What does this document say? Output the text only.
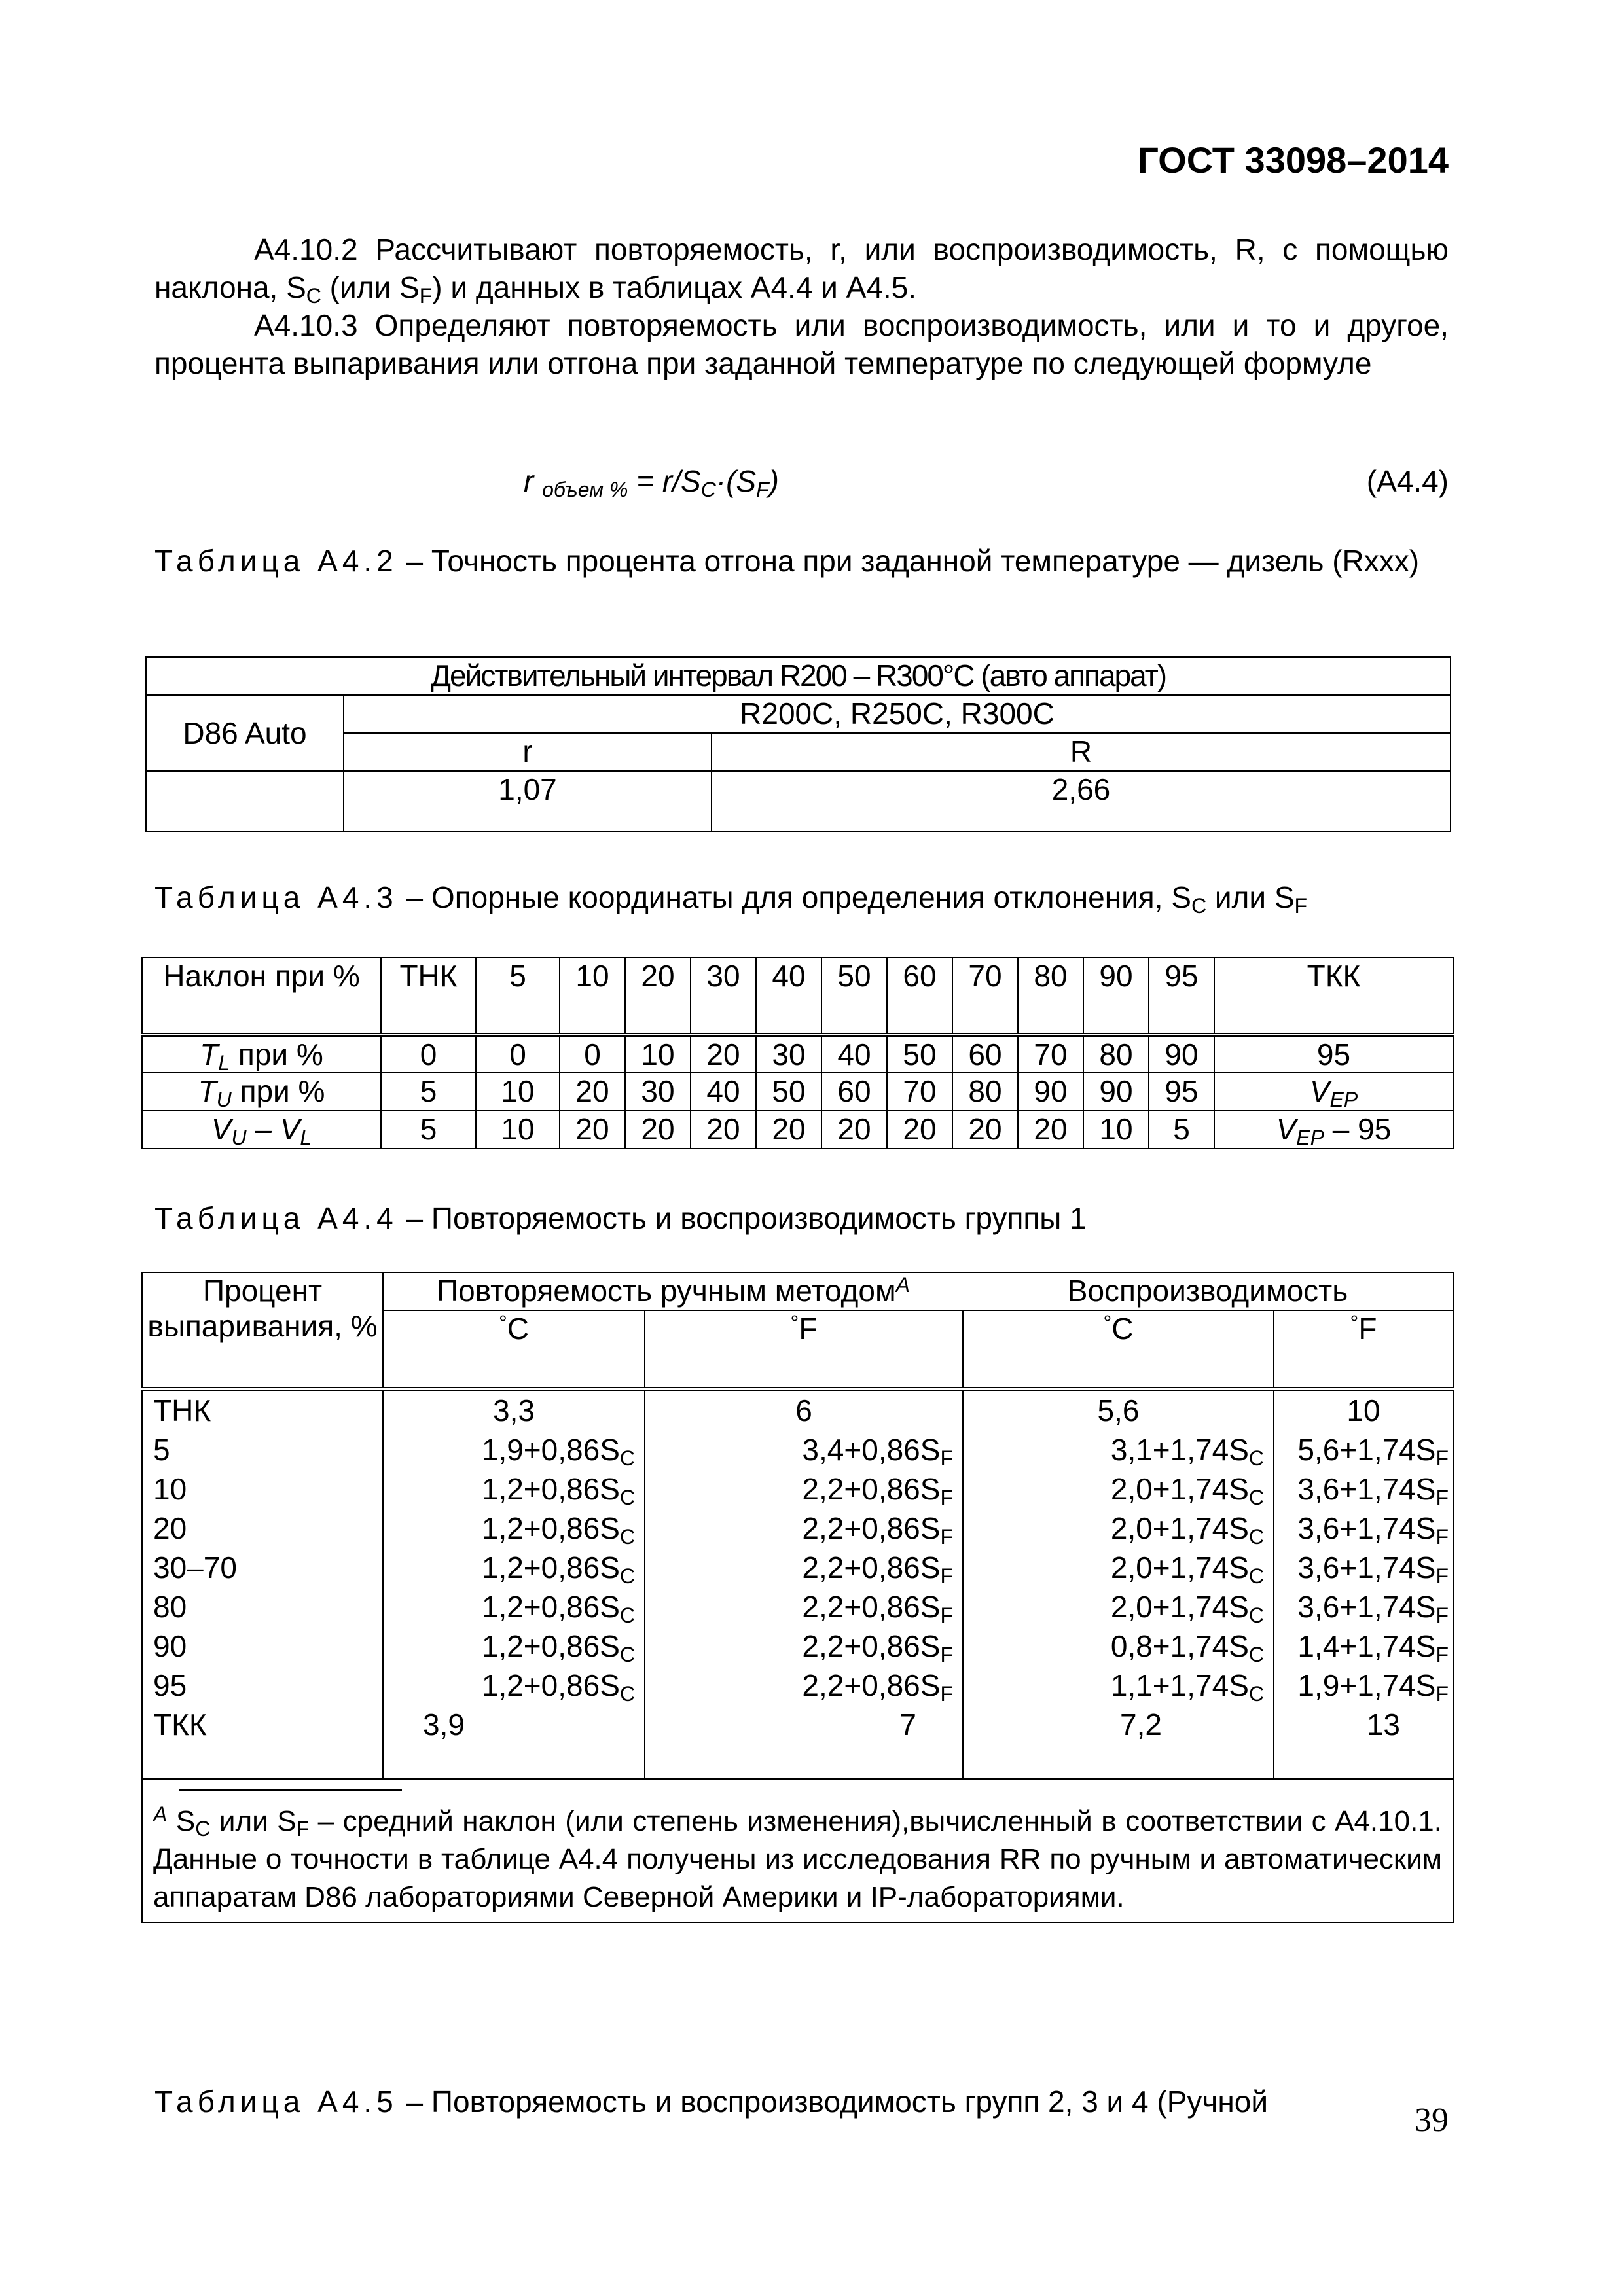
ГОСТ 33098–2014

А4.10.2 Рассчитывают повторяемость, r, или воспроизводимость, R, с помощью наклона, $S_C$ (или $S_F$) и данных в таблицах А4.4 и А4.5.

А4.10.3 Определяют повторяемость или воспроизводимость, или и то и другое, процента выпаривания или отгона при заданной температуре по следующей формуле

r $_{объем \%} = r/S_C\cdot(S_F)$	(А4.4)
Таблица А4.2 – Точность процента отгона при заданной температуре — дизель (Rxxx)
Действительный интервал R200 – R300°С (авто аппарат)		
D86 Auto	R200C, R250C, R300C	
	r	R
	1,07	2,66
Таблица А4.3 – Опорные координаты для определения отклонения, $S_C$ или $S_F$
Наклон при %	ТНК	5	10	20	30	40	50	60	70	80	90	95	ТКК
$T_L$ при %	0	0	0	10	20	30	40	50	60	70	80	90	95
$T_U$ при %	5	10	20	30	40	50	60	70	80	90	90	95	$V_{EP}$
$V_U - V_L$	5	10	20	20	20	20	20	20	20	20	10	5	$V_{EP} - 95$
Таблица А4.4 – Повторяемость и воспроизводимость группы 1
Процент выпаривания, %	Повторяемость ручным методом$^A$		Воспроизводимость	
	°С	°F	°С	°F
ТНК	3,3	6	5,6	10
5	$1,9+0,86S_C$	$3,4+0,86S_F$	$3,1+1,74S_C$	$5,6+1,74S_F$
10	$1,2+0,86S_C$	$2,2+0,86S_F$	$2,0+1,74S_C$	$3,6+1,74S_F$
20	$1,2+0,86S_C$	$2,2+0,86S_F$	$2,0+1,74S_C$	$3,6+1,74S_F$
30–70	$1,2+0,86S_C$	$2,2+0,86S_F$	$2,0+1,74S_C$	$3,6+1,74S_F$
80	$1,2+0,86S_C$	$2,2+0,86S_F$	$2,0+1,74S_C$	$3,6+1,74S_F$
90	$1,2+0,86S_C$	$2,2+0,86S_F$	$0,8+1,74S_C$	$1,4+1,74S_F$
95	$1,2+0,86S_C$	$2,2+0,86S_F$	$1,1+1,74S_C$	$1,9+1,74S_F$
ТКК	3,9	7	7,2	13

$^A$ $S_C$ или $S_F$ – средний наклон (или степень изменения),вычисленный в соответствии с А4.10.1. Данные о точности в таблице А4.4 получены из исследования RR по ручным и автоматическим аппаратам D86 лабораториями Северной Америки и IP-лабораториями.				
Таблица А4.5 – Повторяемость и воспроизводимость групп 2, 3 и 4 (Ручной	39
